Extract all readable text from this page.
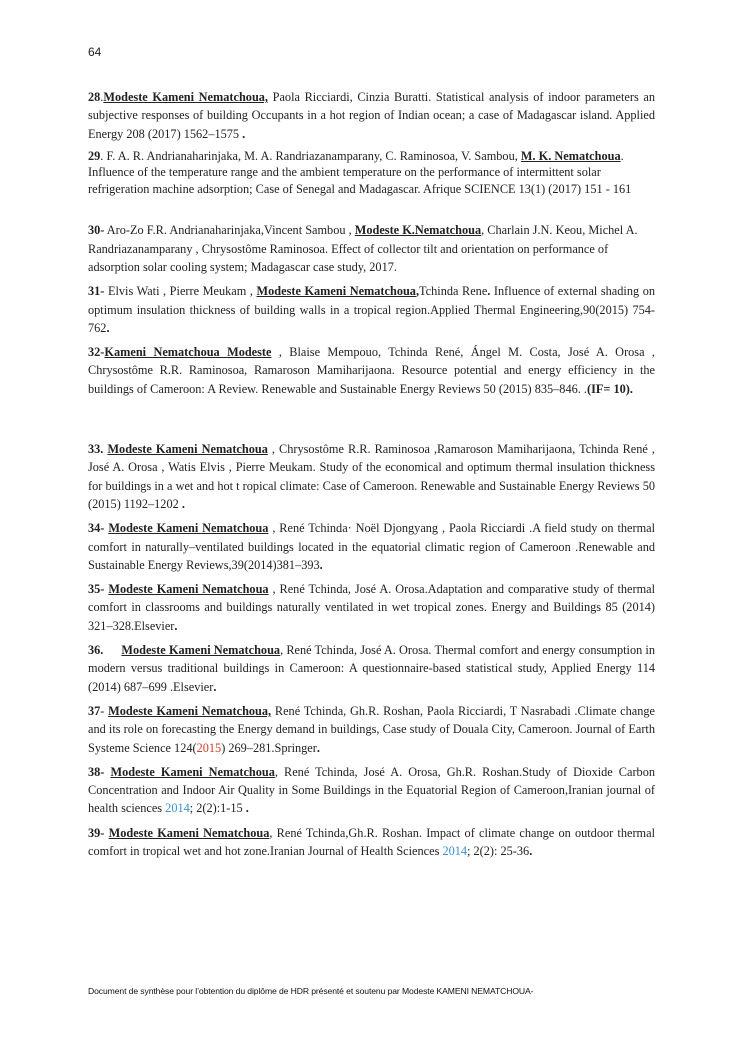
64

28.Modeste Kameni Nematchoua, Paola Ricciardi, Cinzia Buratti. Statistical analysis of indoor parameters an subjective responses of building Occupants in a hot region of Indian ocean; a case of Madagascar island. Applied Energy 208 (2017) 1562–1575 .

29. F. A. R. Andrianaharinjaka, M. A. Randriazanamparany, C. Raminosoa, V. Sambou, M. K. Nematchoua. Influence of the temperature range and the ambient temperature on the performance of intermittent solar refrigeration machine adsorption; Case of Senegal and Madagascar. Afrique SCIENCE 13(1) (2017) 151 - 161

30- Aro-Zo F.R. Andrianaharinjaka,Vincent Sambou , Modeste K.Nematchoua, Charlain J.N. Keou, Michel A. Randriazanamparany , Chrysostôme Raminosoa. Effect of collector tilt and orientation on performance of adsorption solar cooling system; Madagascar case study, 2017.

31- Elvis Wati , Pierre Meukam , Modeste Kameni Nematchoua,Tchinda Rene. Influence of external shading on optimum insulation thickness of building walls in a tropical region.Applied Thermal Engineering,90(2015) 754-762.

32-Kameni Nematchoua Modeste , Blaise Mempouo, Tchinda René, Ángel M. Costa, José A. Orosa , Chrysostôme R.R. Raminosoa, Ramaroson Mamiharijaona. Resource potential and energy efficiency in the buildings of Cameroon: A Review. Renewable and Sustainable Energy Reviews 50 (2015) 835–846. .(IF= 10).

33. Modeste Kameni Nematchoua , Chrysostôme R.R. Raminosoa ,Ramaroson Mamiharijaona, Tchinda René , José A. Orosa , Watis Elvis , Pierre Meukam. Study of the economical and optimum thermal insulation thickness for buildings in a wet and hot t ropical climate: Case of Cameroon. Renewable and Sustainable Energy Reviews 50 (2015) 1192–1202 .

34- Modeste Kameni Nematchoua , René Tchinda· Noël Djongyang , Paola Ricciardi .A field study on thermal comfort in naturally–ventilated buildings located in the equatorial climatic region of Cameroon .Renewable and Sustainable Energy Reviews,39(2014)381–393.

35- Modeste Kameni Nematchoua , René Tchinda, José A. Orosa.Adaptation and comparative study of thermal comfort in classrooms and buildings naturally ventilated in wet tropical zones. Energy and Buildings 85 (2014) 321–328.Elsevier.

36. Modeste Kameni Nematchoua, René Tchinda, José A. Orosa. Thermal comfort and energy consumption in modern versus traditional buildings in Cameroon: A questionnaire-based statistical study, Applied Energy 114 (2014) 687–699 .Elsevier.

37- Modeste Kameni Nematchoua, René Tchinda, Gh.R. Roshan, Paola Ricciardi, T Nasrabadi .Climate change and its role on forecasting the Energy demand in buildings, Case study of Douala City, Cameroon. Journal of Earth Systeme Science 124(2015) 269–281.Springer.

38- Modeste Kameni Nematchoua, René Tchinda, José A. Orosa, Gh.R. Roshan.Study of Dioxide Carbon Concentration and Indoor Air Quality in Some Buildings in the Equatorial Region of Cameroon,Iranian journal of health sciences 2014; 2(2):1-15 .

39- Modeste Kameni Nematchoua, René Tchinda,Gh.R. Roshan. Impact of climate change on outdoor thermal comfort in tropical wet and hot zone.Iranian Journal of Health Sciences 2014; 2(2): 25-36.

Document de synthèse pour l’obtention du diplôme de HDR présenté et soutenu par Modeste KAMENI NEMATCHOUA-
